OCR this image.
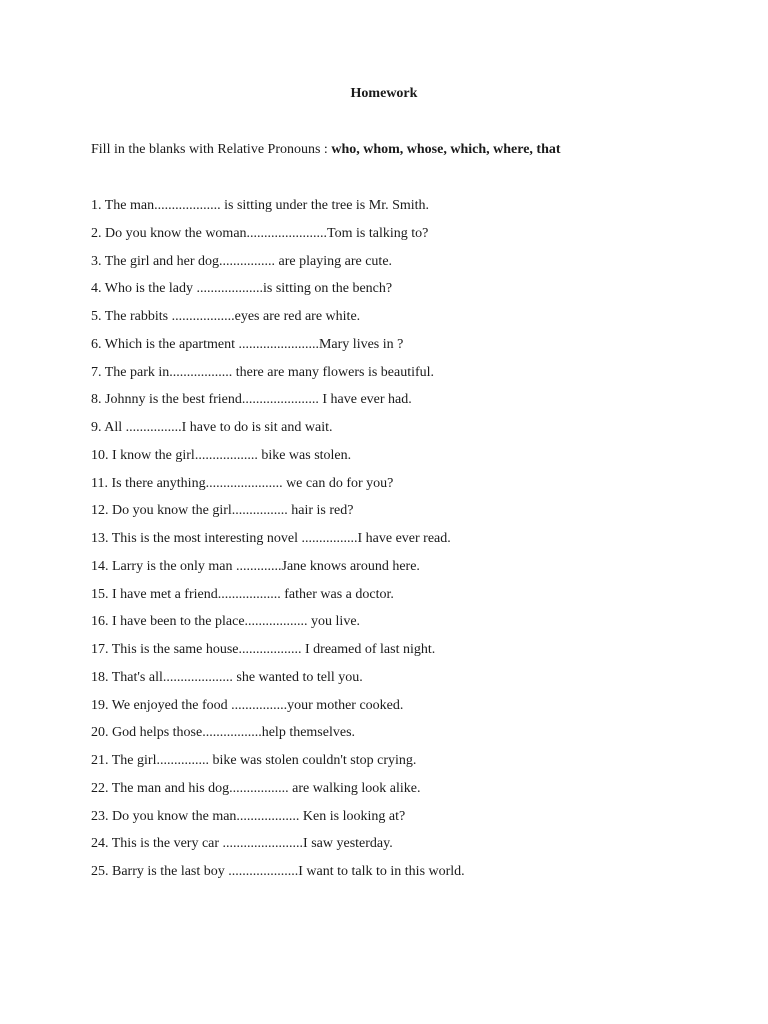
Homework
Fill in the blanks with Relative Pronouns : who, whom, whose, which, where, that
1. The man................... is sitting under the tree is Mr. Smith.
2. Do you know the woman.......................Tom is talking to?
3. The girl and her dog................ are playing are cute.
4. Who is the lady ...................is sitting on the bench?
5. The rabbits ..................eyes are red are white.
6. Which is the apartment .......................Mary lives in ?
7. The park in.................. there are many flowers is beautiful.
8. Johnny is the best friend...................... I have ever had.
9. All ................I have to do is sit and wait.
10. I know the girl.................. bike was stolen.
11. Is there anything...................... we can do for you?
12. Do you know the girl................ hair is red?
13. This is the most interesting novel ................I have ever read.
14. Larry is the only man .............Jane knows around here.
15. I have met a friend.................. father was a doctor.
16. I have been to the place.................. you live.
17. This is the same house.................. I dreamed of last night.
18. That's all.................... she wanted to tell you.
19. We enjoyed the food ................your mother cooked.
20. God helps those.................help themselves.
21. The girl............... bike was stolen couldn't stop crying.
22. The man and his dog................. are walking look alike.
23. Do you know the man.................. Ken is looking at?
24. This is the very car .......................I saw yesterday.
25. Barry is the last boy ....................I want to talk to in this world.
